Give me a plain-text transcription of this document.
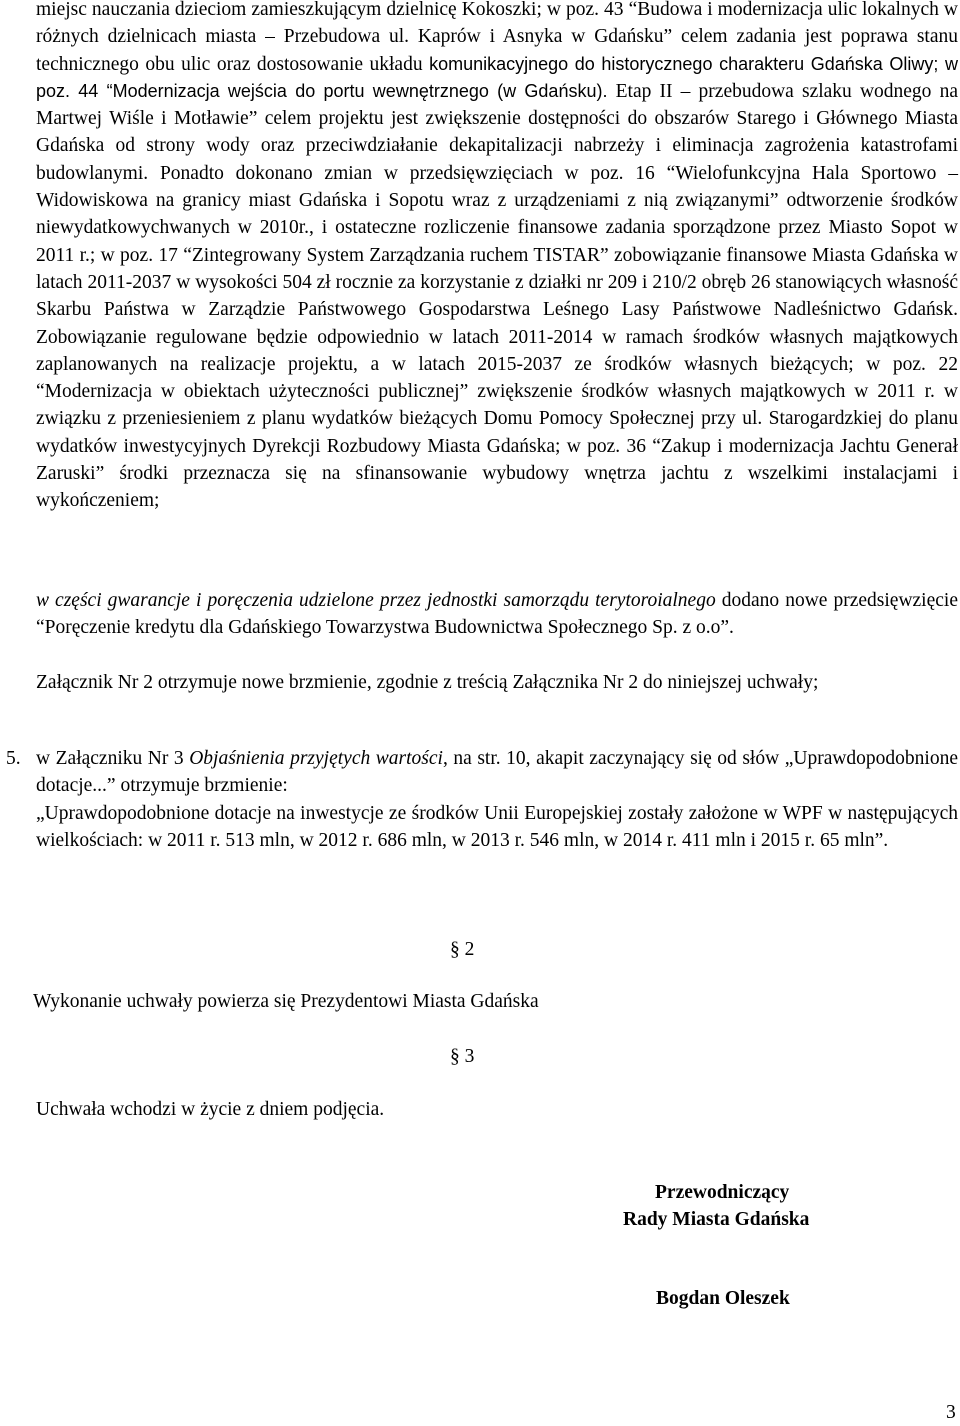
miejsc nauczania dzieciom zamieszkującym dzielnicę Kokoszki; w poz. 43 “Budowa i modernizacja ulic lokalnych w różnych dzielnicach miasta – Przebudowa ul. Kaprów i Asnyka w Gdańsku” celem zadania jest poprawa stanu technicznego obu ulic oraz dostosowanie układu komunikacyjnego do historycznego charakteru Gdańska Oliwy; w poz. 44 “Modernizacja wejścia do portu wewnętrznego (w Gdańsku). Etap II – przebudowa szlaku wodnego na Martwej Wiśle i Motławie” celem projektu jest zwiększenie dostępności do obszarów Starego i Głównego Miasta Gdańska od strony wody oraz przeciwdziałanie dekapitalizacji nabrzeży i eliminacja zagrożenia katastrofami budowlanymi. Ponadto dokonano zmian w przedsięwzięciach w poz. 16 “Wielofunkcyjna Hala Sportowo – Widowiskowa na granicy miast Gdańska i Sopotu wraz z urządzeniami z nią związanymi” odtworzenie środków niewydatkowychwanych w 2010r., i ostateczne rozliczenie finansowe zadania sporządzone przez Miasto Sopot w 2011 r.; w poz. 17 “Zintegrowany System Zarządzania ruchem TISTAR” zobowiązanie finansowe Miasta Gdańska w latach 2011-2037 w wysokości 504 zł rocznie za korzystanie z działki nr 209 i 210/2 obręb 26 stanowiących własność Skarbu Państwa w Zarządzie Państwowego Gospodarstwa Leśnego Lasy Państwowe Nadleśnictwo Gdańsk. Zobowiązanie regulowane będzie odpowiednio w latach 2011-2014 w ramach środków własnych majątkowych zaplanowanych na realizacje projektu, a w latach 2015-2037 ze środków własnych bieżących; w poz. 22 “Modernizacja w obiektach użyteczności publicznej” zwiększenie środków własnych majątkowych w 2011 r. w związku z przeniesieniem z planu wydatków bieżących Domu Pomocy Społecznej przy ul. Starogardzkiej do planu wydatków inwestycyjnych Dyrekcji Rozbudowy Miasta Gdańska; w poz. 36 “Zakup i modernizacja Jachtu Generał Zaruski” środki przeznacza się na sfinansowanie wybudowy wnętrza jachtu z wszelkimi instalacjami i wykończeniem;
w części gwarancje i poręczenia udzielone przez jednostki samorządu terytoroialnego dodano nowe przedsięwzięcie “Poręczenie kredytu dla Gdańskiego Towarzystwa Budownictwa Społecznego Sp. z o.o”.
Załącznik Nr 2 otrzymuje nowe brzmienie, zgodnie z treścią Załącznika Nr 2 do niniejszej uchwały;
5. w Załączniku Nr 3 Objaśnienia przyjętych wartości, na str. 10, akapit zaczynający się od słów „Uprawdopodobnione dotacje...” otrzymuje brzmienie:
„Uprawdopodobnione dotacje na inwestycje ze środków Unii Europejskiej zostały założone w WPF w następujących wielkościach: w 2011 r. 513 mln, w 2012 r. 686 mln, w 2013 r. 546 mln, w 2014 r. 411 mln i 2015 r. 65 mln”.
§ 2
Wykonanie uchwały powierza się Prezydentowi Miasta Gdańska
§ 3
Uchwała wchodzi w życie z dniem podjęcia.
Przewodniczący
Rady Miasta Gdańska
Bogdan Oleszek
3
